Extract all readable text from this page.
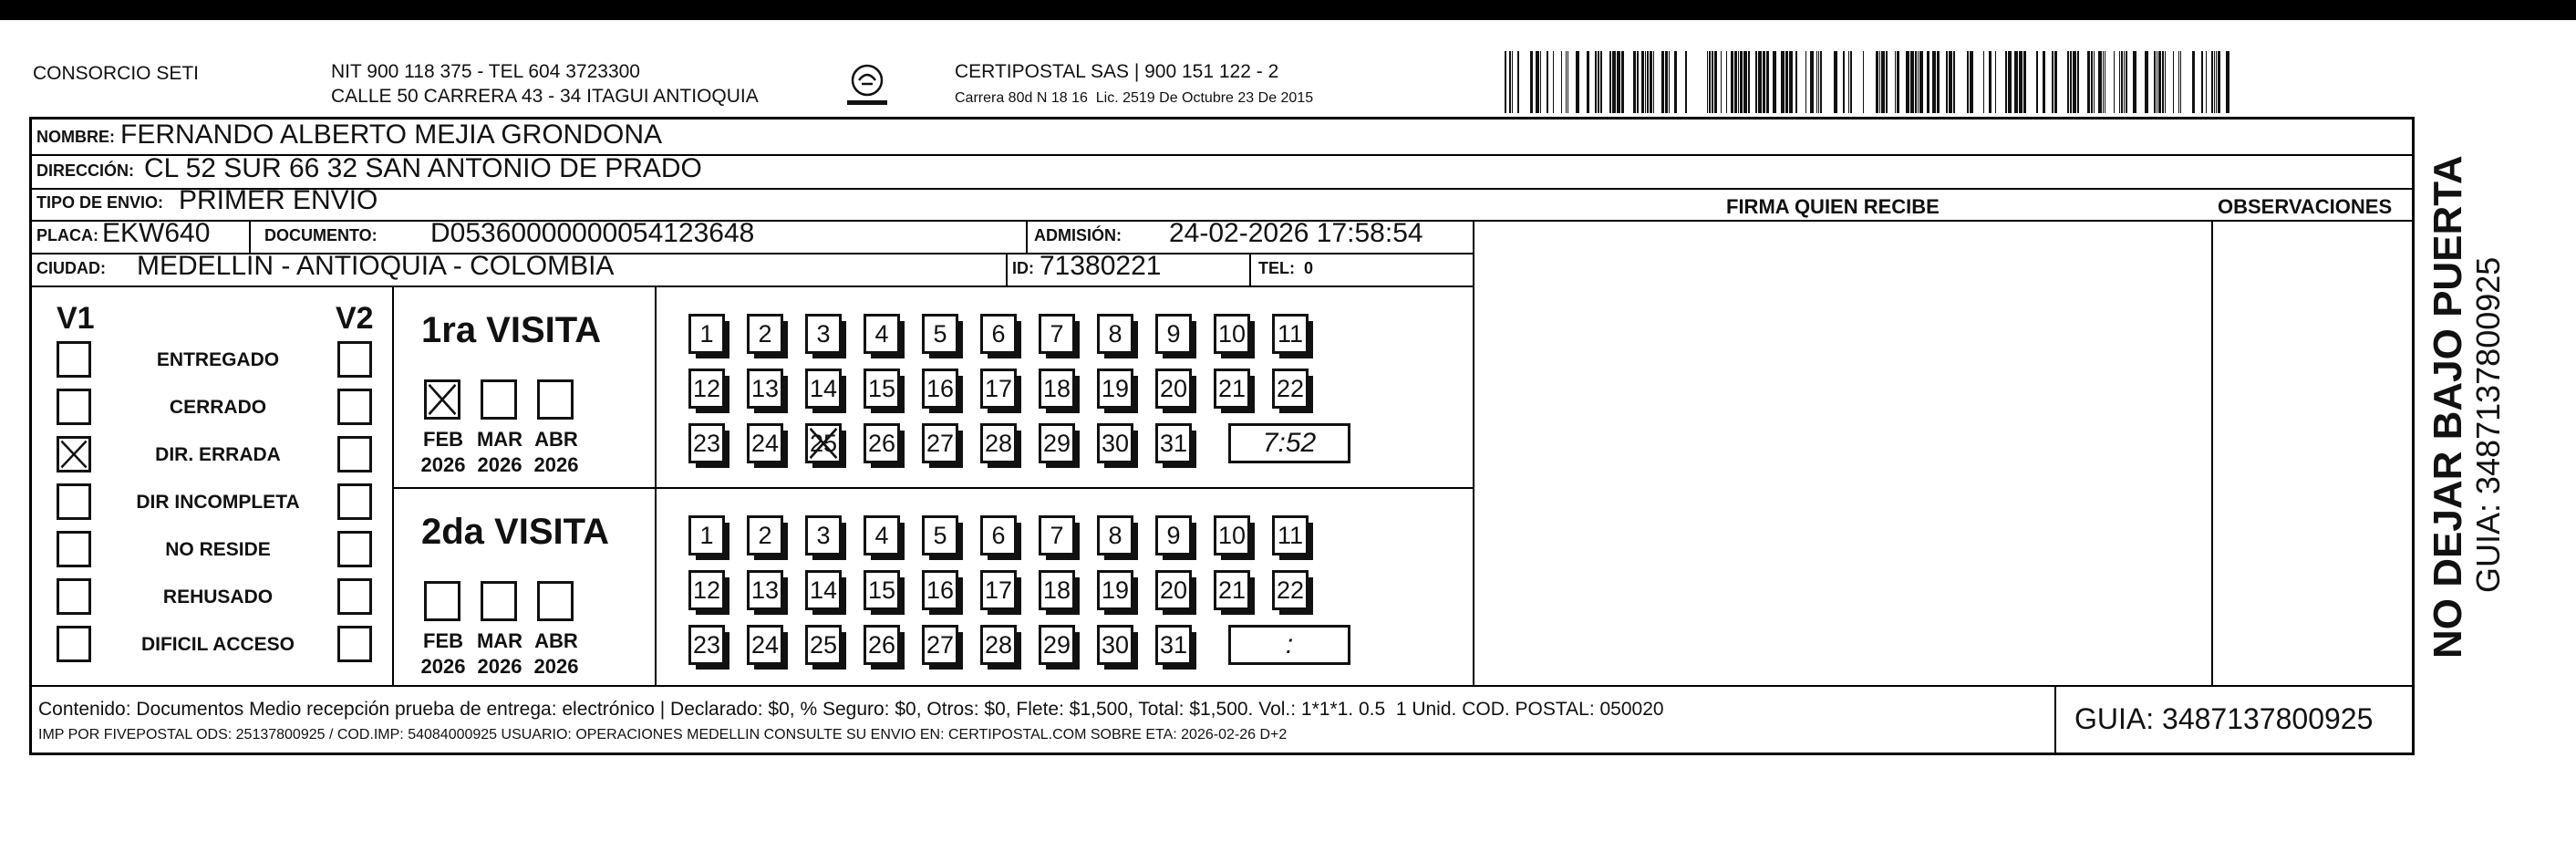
CONSORCIO SETI	NIT 900 118 375 - TEL 604 3723300
CALLE 50 CARRERA 43 - 34 ITAGUI ANTIOQUIA
CERTIPOSTAL SAS | 900 151 122 - 2
Carrera 80d N 18 16  Lic. 2519 De Octubre 23 De 2015
NOMBRE: FERNANDO ALBERTO MEJIA GRONDONA
DIRECCIÓN: CL 52 SUR 66 32 SAN ANTONIO DE PRADO
TIPO DE ENVIO: PRIMER ENVIO	FIRMA QUIEN RECIBE	OBSERVACIONES
PLACA: EKW640	DOCUMENTO: D05360000000054123648	ADMISIÓN: 24-02-2026 17:58:54
CIUDAD: MEDELLIN - ANTIOQUIA - COLOMBIA	ID: 71380221	TEL: 0
V1	V2
ENTREGADO
CERRADO
DIR. ERRADA
DIR INCOMPLETA
NO RESIDE
REHUSADO
DIFICIL ACCESO
1ra VISITA
FEB
2026
MAR
2026
ABR
2026
1	2	3	4	5	6	7	8	9	10 11
12 13 14 15 16 17 18 19 20 21 22
23 24 25 26 27 28 29 30 31	7:52
2da VISITA
FEB
2026
MAR
2026
ABR
2026
1	2	3	4	5	6	7	8	9	10 11
12 13 14 15 16 17 18 19 20 21 22
23 24 25 26 27 28 29 30 31	:
Contenido: Documentos Medio recepción prueba de entrega: electrónico | Declarado: $0, % Seguro: $0, Otros: $0, Flete: $1,500, Total: $1,500. Vol.: 1*1*1. 0.5  1 Unid. COD. POSTAL: 050020
IMP POR FIVEPOSTAL ODS: 25137800925 / COD.IMP: 54084000925 USUARIO: OPERACIONES MEDELLIN CONSULTE SU ENVIO EN: CERTIPOSTAL.COM SOBRE ETA: 2026-02-26 D+2	GUIA: 3487137800925
NO DEJAR BAJO PUERTA GUIA: 3487137800925
